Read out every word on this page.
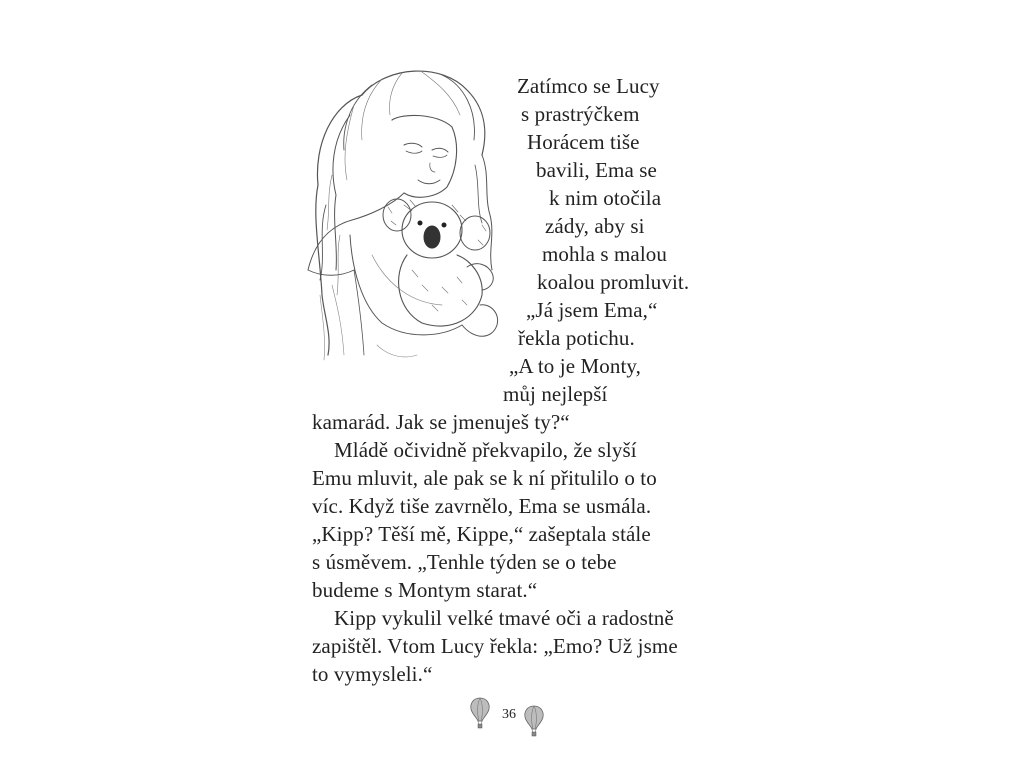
Zatímco se Lucy
s prastrýčkem
Horácem tiše
bavili, Ema se
k nim otočila
zády, aby si
mohla s malou
koalou promluvit.
„Já jsem Ema,“
řekla potichu.
„A to je Monty,
můj nejlepší
kamarád. Jak se jmenuješ ty?“
Mládě očividně překvapilo, že slyší
Emu mluvit, ale pak se k ní přitulilo o to
víc. Když tiše zavrnělo, Ema se usmála.
„Kipp? Těší mě, Kippe,“ zašeptala stále
s úsměvem. „Tenhle týden se o tebe
budeme s Montym starat.“
Kipp vykulil velké tmavé oči a radostně
zapištěl. Vtom Lucy řekla: „Emo? Už jsme
to vymysleli.“
36
